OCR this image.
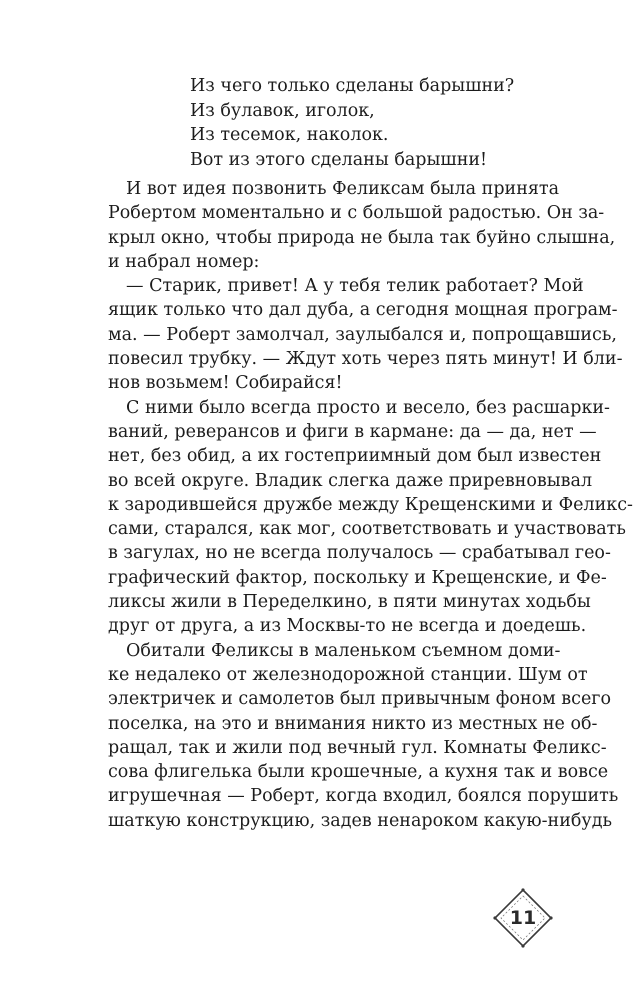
Из чего только сделаны барышни?
Из булавок, иголок,
Из тесемок, наколок.
Вот из этого сделаны барышни!
И вот идея позвонить Феликсам была принята
Робертом моментально и с большой радостью. Он за-
крыл окно, чтобы природа не была так буйно слышна,
и набрал номер:
— Старик, привет! А у тебя телик работает? Мой
ящик только что дал дуба, а сегодня мощная програм-
ма. — Роберт замолчал, заулыбался и, попрощавшись,
повесил трубку. — Ждут хоть через пять минут! И бли-
нов возьмем! Собирайся!
С ними было всегда просто и весело, без расшарки-
ваний, реверансов и фиги в кармане: да — да, нет —
нет, без обид, а их гостеприимный дом был известен
во всей округе. Владик слегка даже приревновывал
к зародившейся дружбе между Крещенскими и Феликс-
сами, старался, как мог, соответствовать и участвовать
в загулах, но не всегда получалось — срабатывал гео-
графический фактор, поскольку и Крещенские, и Фе-
ликсы жили в Переделкино, в пяти минутах ходьбы
друг от друга, а из Москвы-то не всегда и доедешь.
Обитали Феликсы в маленьком съемном доми-
ке недалеко от железнодорожной станции. Шум от
электричек и самолетов был привычным фоном всего
поселка, на это и внимания никто из местных не об-
ращал, так и жили под вечный гул. Комнаты Феликс-
сова флигелька были крошечные, а кухня так и вовсе
игрушечная — Роберт, когда входил, боялся порушить
шаткую конструкцию, задев ненароком какую-нибудь
11
